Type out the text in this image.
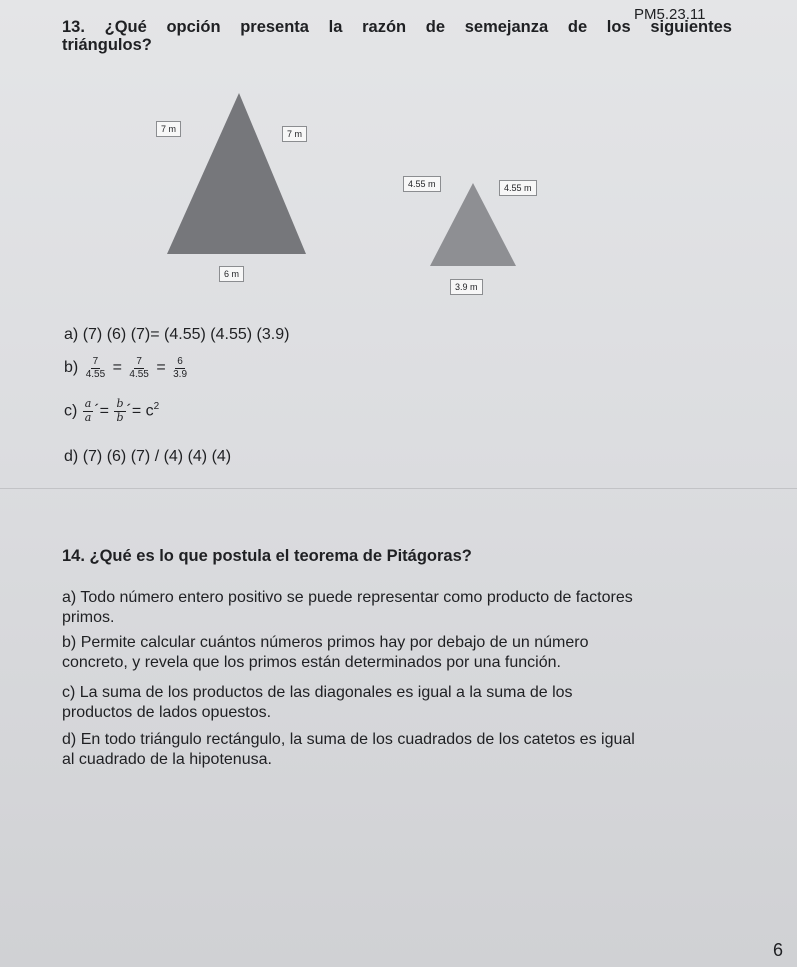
PM5.23.11
13. ¿Qué opción presenta la razón de semejanza de los siguientes
triángulos?
7 m	7 m
6 m
4.55 m	4.55 m
3.9 m
a) (7) (6) (7)= (4.55) (4.55) (3.9)
$b) \frac{7}{4.55} = \frac{7}{4.55} = \frac{6}{3.9}$
$c) \frac{a}{a}$ ´= $\frac{b}{b}$ ´= $c^2$
d) (7) (6) (7) / (4) (4) (4)
14. ¿Qué es lo que postula el teorema de Pitágoras?
a) Todo número entero positivo se puede representar como producto de factores
primos.
b) Permite calcular cuántos números primos hay por debajo de un número
concreto, y revela que los primos están determinados por una función.
c) La suma de los productos de las diagonales es igual a la suma de los
productos de lados opuestos.
d) En todo triángulo rectángulo, la suma de los cuadrados de los catetos es igual
al cuadrado de la hipotenusa.
6
